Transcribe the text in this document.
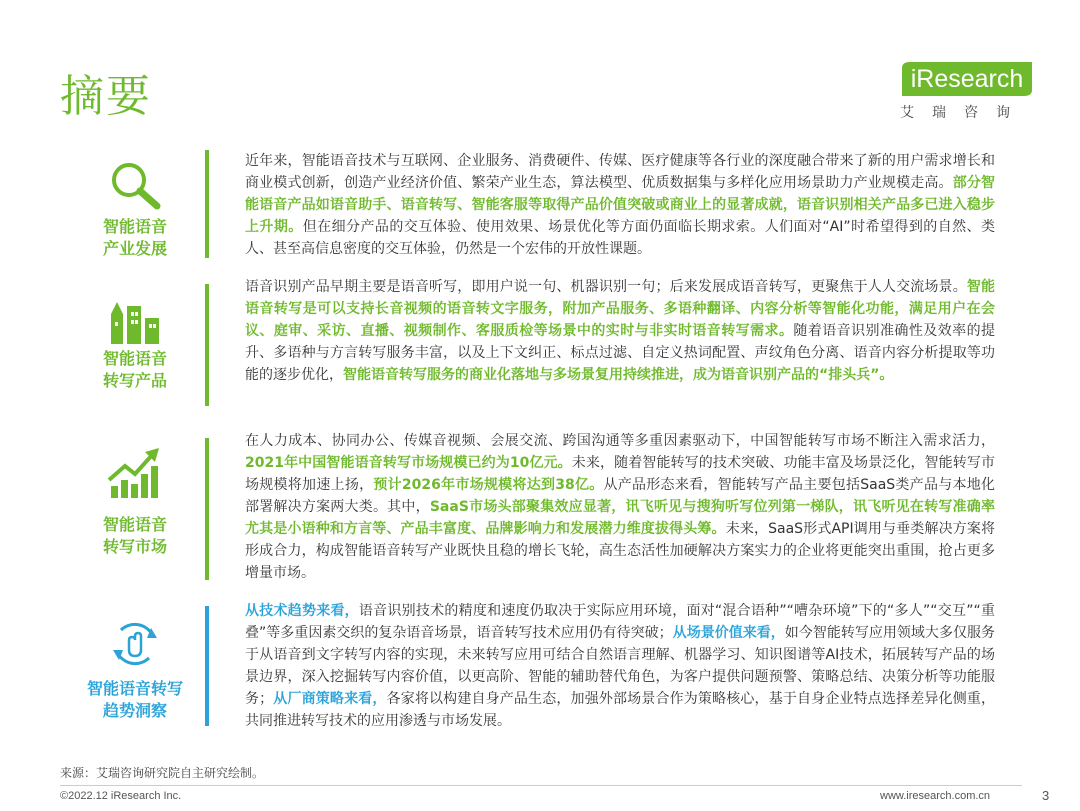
摘要	iResearch
艾瑞咨询
智能语音
产业发展
近年来，智能语音技术与互联网、企业服务、消费硬件、传媒、医疗健康等各行业的深度融合带来了新的用户需求增长和商业模式创新，创造产业经济价值、繁荣产业生态，算法模型、优质数据集与多样化应用场景助力产业规模走高。部分智能语音产品如语音助手、语音转写、智能客服等取得产品价值突破或商业上的显著成就，语音识别相关产品多已进入稳步上升期。但在细分产品的交互体验、使用效果、场景优化等方面仍面临长期求索。人们面对“AI”时希望得到的自然、类人、甚至高信息密度的交互体验，仍然是一个宏伟的开放性课题。
智能语音
转写产品
语音识别产品早期主要是语音听写，即用户说一句、机器识别一句；后来发展成语音转写，更聚焦于人人交流场景。智能语音转写是可以支持长音视频的语音转文字服务，附加产品服务、多语种翻译、内容分析等智能化功能，满足用户在会议、庭审、采访、直播、视频制作、客服质检等场景中的实时与非实时语音转写需求。随着语音识别准确性及效率的提升、多语种与方言转写服务丰富，以及上下文纠正、标点过滤、自定义热词配置、声纹角色分离、语音内容分析提取等功能的逐步优化，智能语音转写服务的商业化落地与多场景复用持续推进，成为语音识别产品的“排头兵”。
智能语音
转写市场
在人力成本、协同办公、传媒音视频、会展交流、跨国沟通等多重因素驱动下，中国智能转写市场不断注入需求活力，2021年中国智能语音转写市场规模已约为10亿元。未来，随着智能转写的技术突破、功能丰富及场景泛化，智能转写市场规模将加速上扬，预计2026年市场规模将达到38亿。从产品形态来看，智能转写产品主要包括SaaS类产品与本地化部署解决方案两大类。其中，SaaS市场头部聚集效应显著，讯飞听见与搜狗听写位列第一梯队，讯飞听见在转写准确率尤其是小语种和方言等、产品丰富度、品牌影响力和发展潜力维度拔得头筹。未来，SaaS形式API调用与垂类解决方案将形成合力，构成智能语音转写产业既快且稳的增长飞轮，高生态活性加硬解决方案实力的企业将更能突出重围，抢占更多增量市场。
智能语音转写
趋势洞察
从技术趋势来看，语音识别技术的精度和速度仍取决于实际应用环境，面对“混合语种”“嘈杂环境”下的“多人”“交互”“重叠”等多重因素交织的复杂语音场景，语音转写技术应用仍有待突破；从场景价值来看，如今智能转写应用领域大多仅服务于从语音到文字转写内容的实现，未来转写应用可结合自然语言理解、机器学习、知识图谱等AI技术，拓展转写产品的场景边界，深入挖掘转写内容价值，以更高阶、智能的辅助替代角色，为客户提供问题预警、策略总结、决策分析等功能服务；从厂商策略来看，各家将以构建自身产品生态，加强外部场景合作为策略核心，基于自身企业特点选择差异化侧重，共同推进转写技术的应用渗透与市场发展。
来源：艾瑞咨询研究院自主研究绘制。
©2022.12 iResearch Inc.	www.iresearch.com.cn	3
